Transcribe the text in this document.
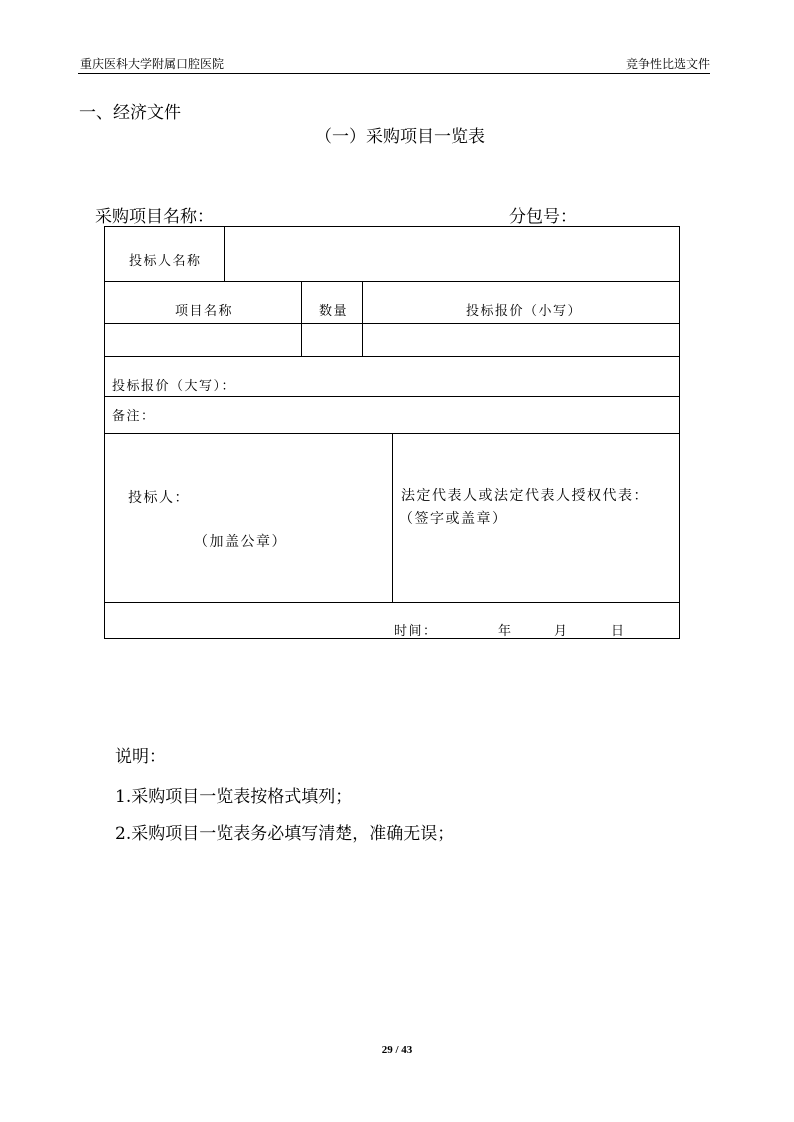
重庆医科大学附属口腔医院	竞争性比选文件
一、经济文件
（一）采购项目一览表
采购项目名称：	分包号：
投标人名称
项目名称	数量	投标报价（小写）
投标报价（大写）：
备注：
投标人：
（加盖公章）
法定代表人或法定代表人授权代表：
（签字或盖章）
时间：	年	月	日
说明：
1.采购项目一览表按格式填列；
2.采购项目一览表务必填写清楚，准确无误；
29 / 43
